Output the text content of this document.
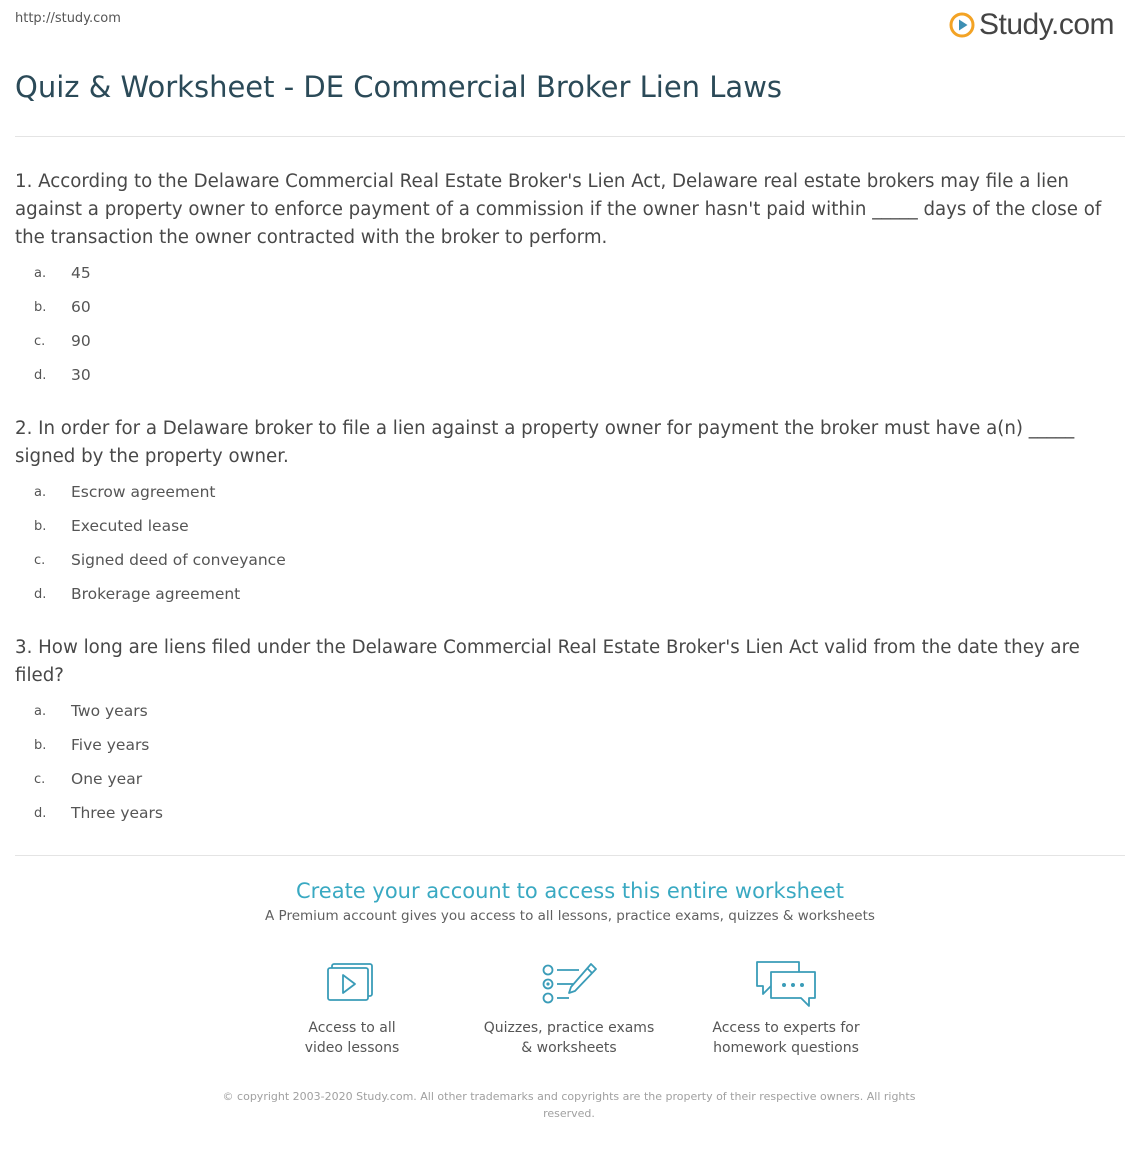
http://study.com	Study.com
Quiz & Worksheet - DE Commercial Broker Lien Laws

1. According to the Delaware Commercial Real Estate Broker's Lien Act, Delaware real estate brokers may file a lien against a property owner to enforce payment of a commission if the owner hasn't paid within _____ days of the close of the transaction the owner contracted with the broker to perform.

a.	45
b.	60
c.	90
d.	30

2. In order for a Delaware broker to file a lien against a property owner for payment the broker must have a(n) _____ signed by the property owner.

a.	Escrow agreement
b.	Executed lease
c.	Signed deed of conveyance
d.	Brokerage agreement

3. How long are liens filed under the Delaware Commercial Real Estate Broker's Lien Act valid from the date they are filed?

a.	Two years
b.	Five years
c.	One year
d.	Three years
Create your account to access this entire worksheet

A Premium account gives you access to all lessons, practice exams, quizzes & worksheets

Access to all
video lessons
Quizzes, practice exams
& worksheets
Access to experts for
homework questions
© copyright 2003-2020 Study.com. All other trademarks and copyrights are the property of their respective owners. All rights reserved.
